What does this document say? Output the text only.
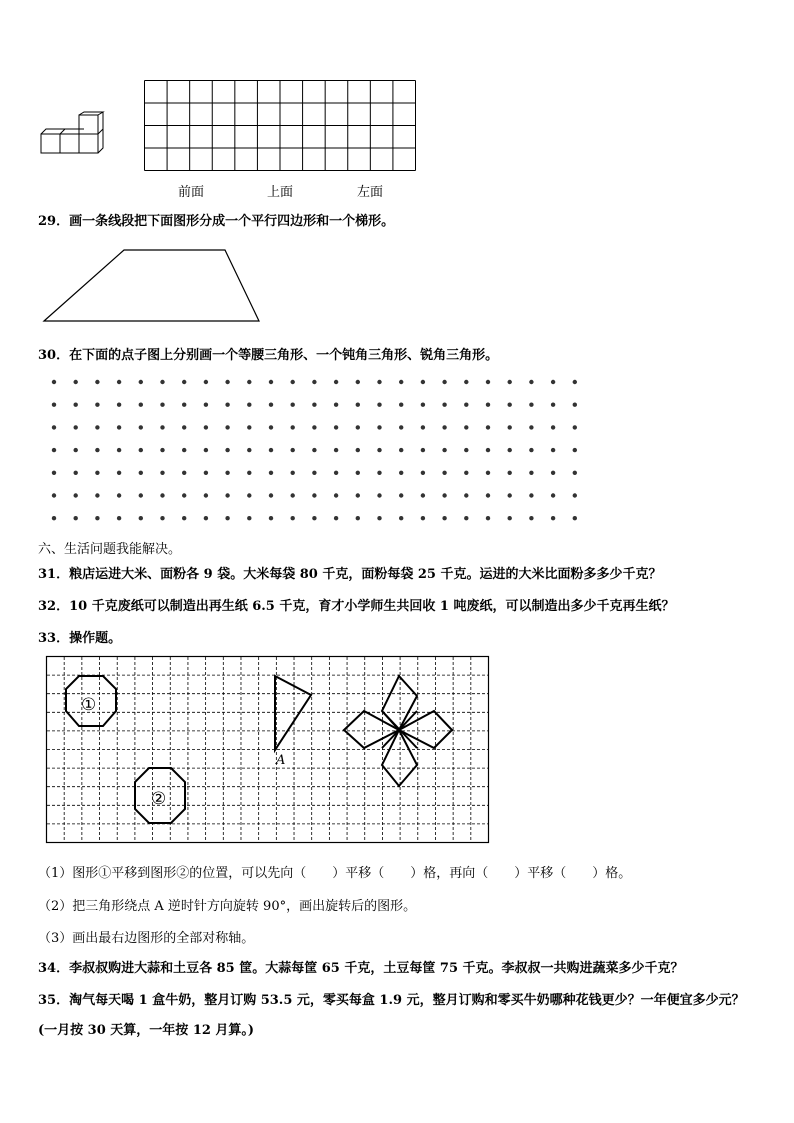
前面	上面	左面
29．画一条线段把下面图形分成一个平行四边形和一个梯形。
30．在下面的点子图上分别画一个等腰三角形、一个钝角三角形、锐角三角形。
六、生活问题我能解决。
31．粮店运进大米、面粉各 9 袋。大米每袋 80 千克，面粉每袋 25 千克。运进的大米比面粉多多少千克？
32．10 千克废纸可以制造出再生纸 6.5 千克，育才小学师生共回收 1 吨废纸，可以制造出多少千克再生纸？
33．操作题。
①
②
A
（1）图形①平移到图形②的位置，可以先向（　　）平移（　　）格，再向（　　）平移（　　）格。
（2）把三角形绕点 A 逆时针方向旋转 90°，画出旋转后的图形。
（3）画出最右边图形的全部对称轴。
34．李叔叔购进大蒜和土豆各 85 筐。大蒜每筐 65 千克，土豆每筐 75 千克。李叔叔一共购进蔬菜多少千克？
35．淘气每天喝 1 盒牛奶，整月订购 53.5 元，零买每盒 1.9 元，整月订购和零买牛奶哪种花钱更少？一年便宜多少元？
(一月按 30 天算，一年按 12 月算。)
